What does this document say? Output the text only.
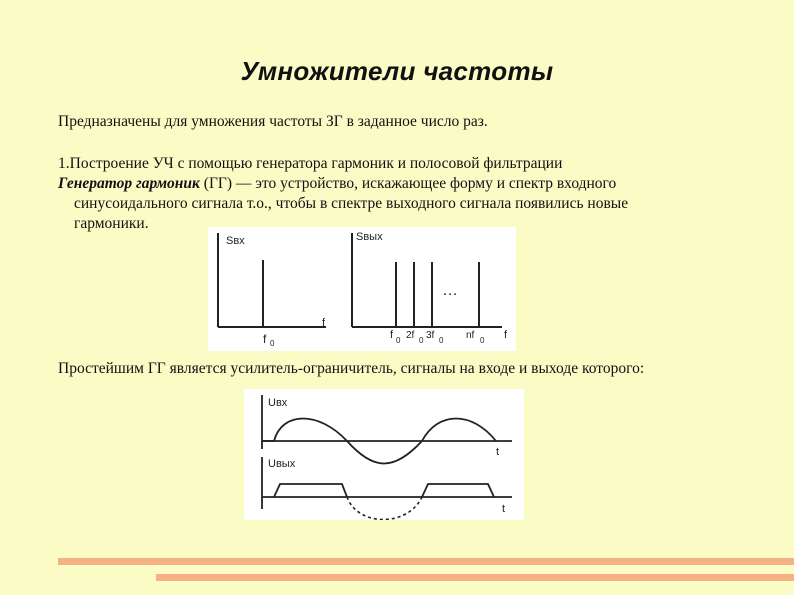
Умножители частоты
Предназначены для умножения частоты ЗГ в заданное число раз.
1.Построение УЧ с помощью генератора гармоник и полосовой фильтрации
Генератор гармоник (ГГ) — это устройство, искажающее форму и спектр входного
синусоидального сигнала т.о., чтобы в спектре выходного сигнала появились новые
гармоники.
Sвх
f 0
f
Sвых
…
f 0 2f 0 3f 0 nf 0 f
Простейшим ГГ является усилитель-ограничитель, сигналы на входе и выходе которого:
Uвх
t
Uвых
t
